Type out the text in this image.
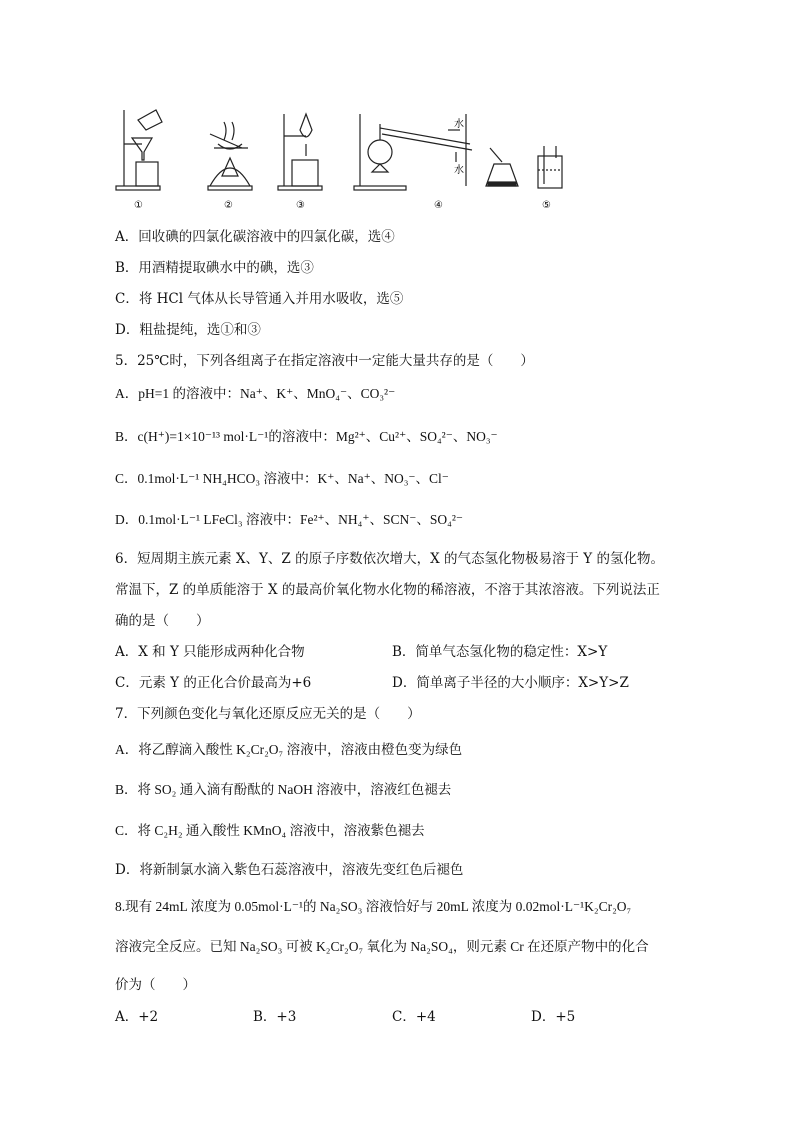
①	②	③	④	⑤
水
水
A．回收碘的四氯化碳溶液中的四氯化碳，选④
B．用酒精提取碘水中的碘，选③
C．将 HCl 气体从长导管通入并用水吸收，选⑤
D．粗盐提纯，选①和③
5．25℃时，下列各组离子在指定溶液中一定能大量共存的是（　　）
A．pH=1 的溶液中：Na⁺、K⁺、MnO₄⁻、CO₃²⁻
B．c(H⁺)=1×10⁻¹³ mol·L⁻¹的溶液中：Mg²⁺、Cu²⁺、SO₄²⁻、NO₃⁻
C．0.1mol·L⁻¹ NH₄HCO₃ 溶液中：K⁺、Na⁺、NO₃⁻、Cl⁻
D．0.1mol·L⁻¹ LFeCl₃ 溶液中：Fe²⁺、NH₄⁺、SCN⁻、SO₄²⁻
6．短周期主族元素 X、Y、Z 的原子序数依次增大，X 的气态氢化物极易溶于 Y 的氢化物。
常温下，Z 的单质能溶于 X 的最高价氧化物水化物的稀溶液，不溶于其浓溶液。下列说法正
确的是（　　）
A．X 和 Y 只能形成两种化合物	B．简单气态氢化物的稳定性：X>Y
C．元素 Y 的正化合价最高为+6	D．简单离子半径的大小顺序：X>Y>Z
7．下列颜色变化与氧化还原反应无关的是（　　）
A．将乙醇滴入酸性 K₂Cr₂O₇ 溶液中，溶液由橙色变为绿色
B．将 SO₂ 通入滴有酚酞的 NaOH 溶液中，溶液红色褪去
C．将 C₂H₂ 通入酸性 KMnO₄ 溶液中，溶液紫色褪去
D．将新制氯水滴入紫色石蕊溶液中，溶液先变红色后褪色
8.现有 24mL 浓度为 0.05mol·L⁻¹的 Na₂SO₃ 溶液恰好与 20mL 浓度为 0.02mol·L⁻¹K₂Cr₂O₇
溶液完全反应。已知 Na₂SO₃ 可被 K₂Cr₂O₇ 氧化为 Na₂SO₄，则元素 Cr 在还原产物中的化合
价为（　　）
A．+2	B．+3	C．+4	D．+5
